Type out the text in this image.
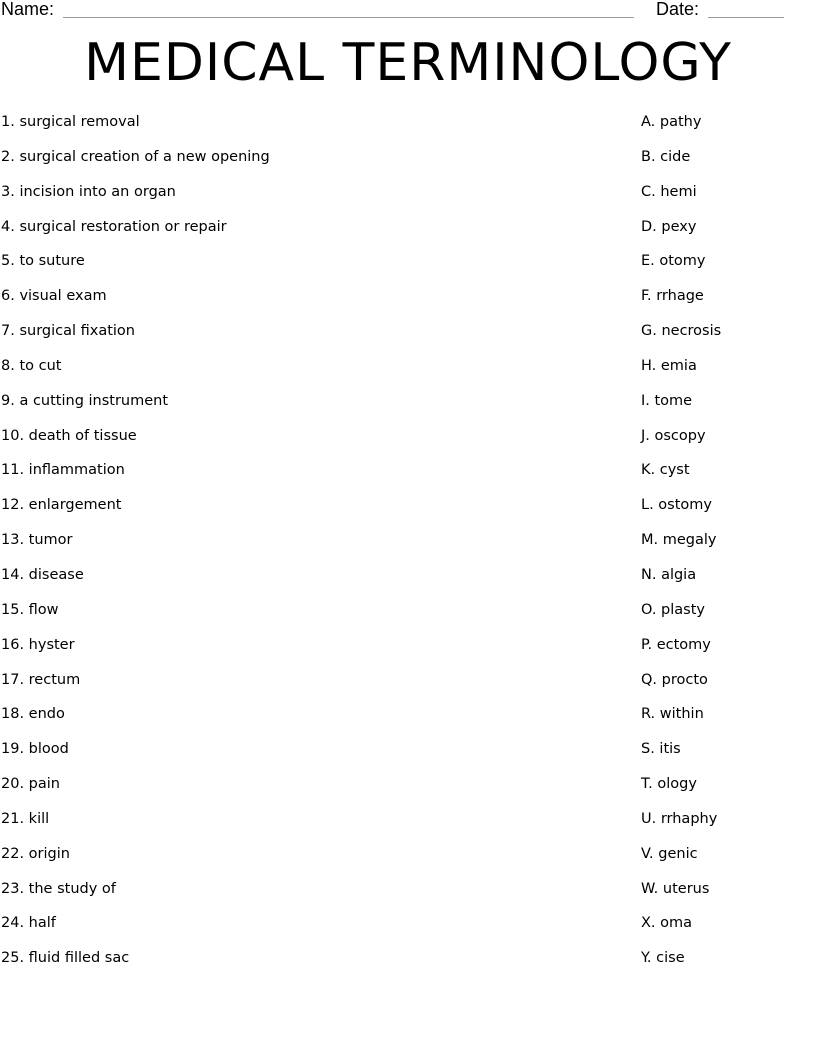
Name:	Date:
MEDICAL TERMINOLOGY
1. surgical removal
2. surgical creation of a new opening
3. incision into an organ
4. surgical restoration or repair
5. to suture
6. visual exam
7. surgical fixation
8. to cut
9. a cutting instrument
10. death of tissue
11. inflammation
12. enlargement
13. tumor
14. disease
15. flow
16. hyster
17. rectum
18. endo
19. blood
20. pain
21. kill
22. origin
23. the study of
24. half
25. fluid filled sac
A. pathy
B. cide
C. hemi
D. pexy
E. otomy
F. rrhage
G. necrosis
H. emia
I. tome
J. oscopy
K. cyst
L. ostomy
M. megaly
N. algia
O. plasty
P. ectomy
Q. procto
R. within
S. itis
T. ology
U. rrhaphy
V. genic
W. uterus
X. oma
Y. cise
